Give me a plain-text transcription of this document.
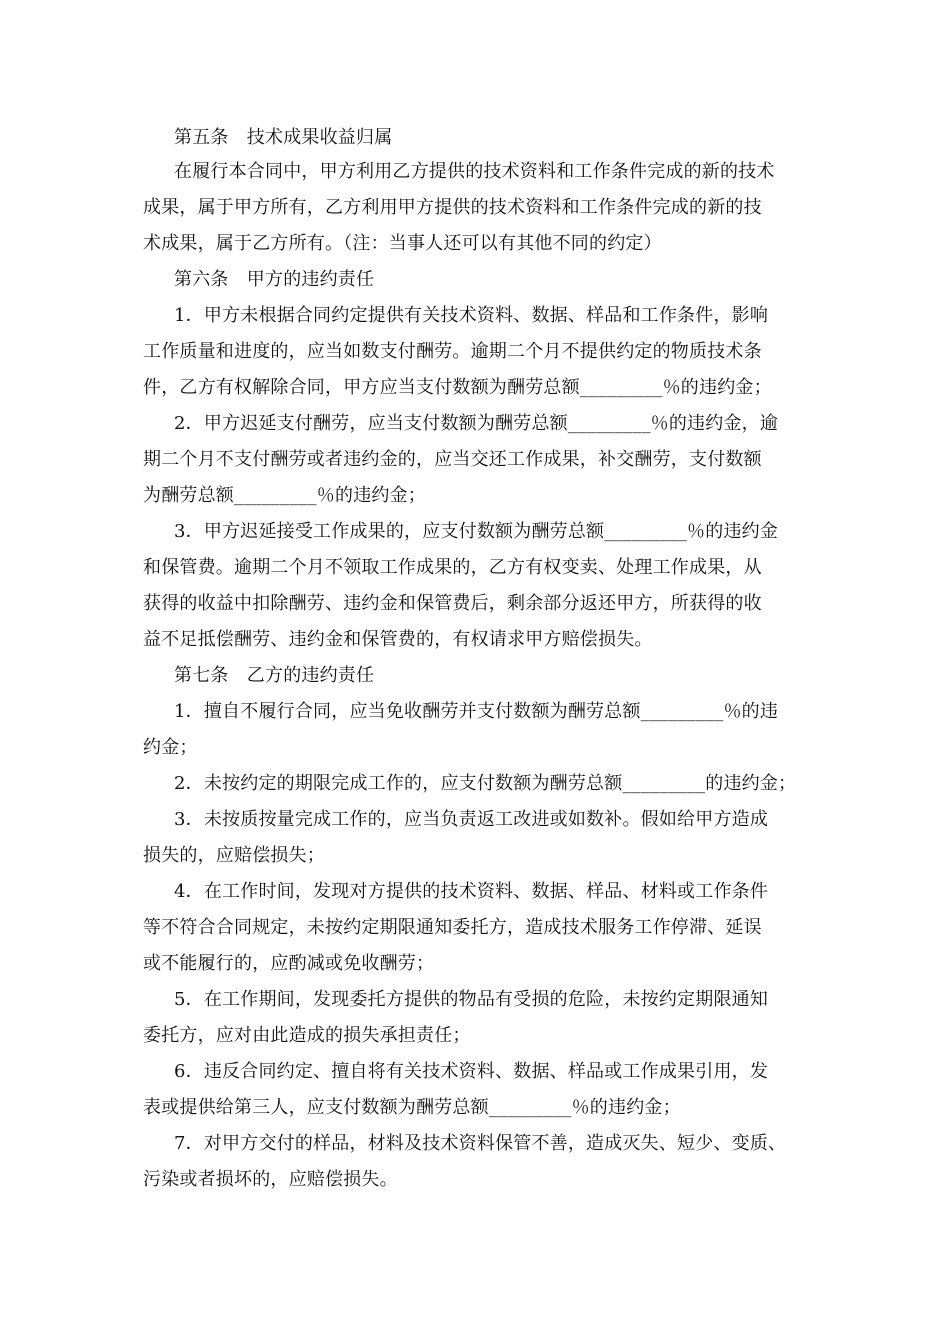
第五条　技术成果收益归属
在履行本合同中，甲方利用乙方提供的技术资料和工作条件完成的新的技术
成果，属于甲方所有，乙方利用甲方提供的技术资料和工作条件完成的新的技
术成果，属于乙方所有。（注：当事人还可以有其他不同的约定）
第六条　甲方的违约责任
1．甲方未根据合同约定提供有关技术资料、数据、样品和工作条件，影响
工作质量和进度的，应当如数支付酬劳。逾期二个月不提供约定的物质技术条
件，乙方有权解除合同，甲方应当支付数额为酬劳总额_________％的违约金；
2．甲方迟延支付酬劳，应当支付数额为酬劳总额_________％的违约金，逾
期二个月不支付酬劳或者违约金的，应当交还工作成果，补交酬劳，支付数额
为酬劳总额_________％的违约金；
3．甲方迟延接受工作成果的，应支付数额为酬劳总额_________％的违约金
和保管费。逾期二个月不领取工作成果的，乙方有权变卖、处理工作成果，从
获得的收益中扣除酬劳、违约金和保管费后，剩余部分返还甲方，所获得的收
益不足抵偿酬劳、违约金和保管费的，有权请求甲方赔偿损失。
第七条　乙方的违约责任
1．擅自不履行合同，应当免收酬劳并支付数额为酬劳总额_________％的违
约金；
2．未按约定的期限完成工作的，应支付数额为酬劳总额_________的违约金；
3．未按质按量完成工作的，应当负责返工改进或如数补。假如给甲方造成
损失的，应赔偿损失；
4．在工作时间，发现对方提供的技术资料、数据、样品、材料或工作条件
等不符合合同规定，未按约定期限通知委托方，造成技术服务工作停滞、延误
或不能履行的，应酌减或免收酬劳；
5．在工作期间，发现委托方提供的物品有受损的危险，未按约定期限通知
委托方，应对由此造成的损失承担责任；
6．违反合同约定、擅自将有关技术资料、数据、样品或工作成果引用，发
表或提供给第三人，应支付数额为酬劳总额_________％的违约金；
7．对甲方交付的样品，材料及技术资料保管不善，造成灭失、短少、变质、
污染或者损坏的，应赔偿损失。
